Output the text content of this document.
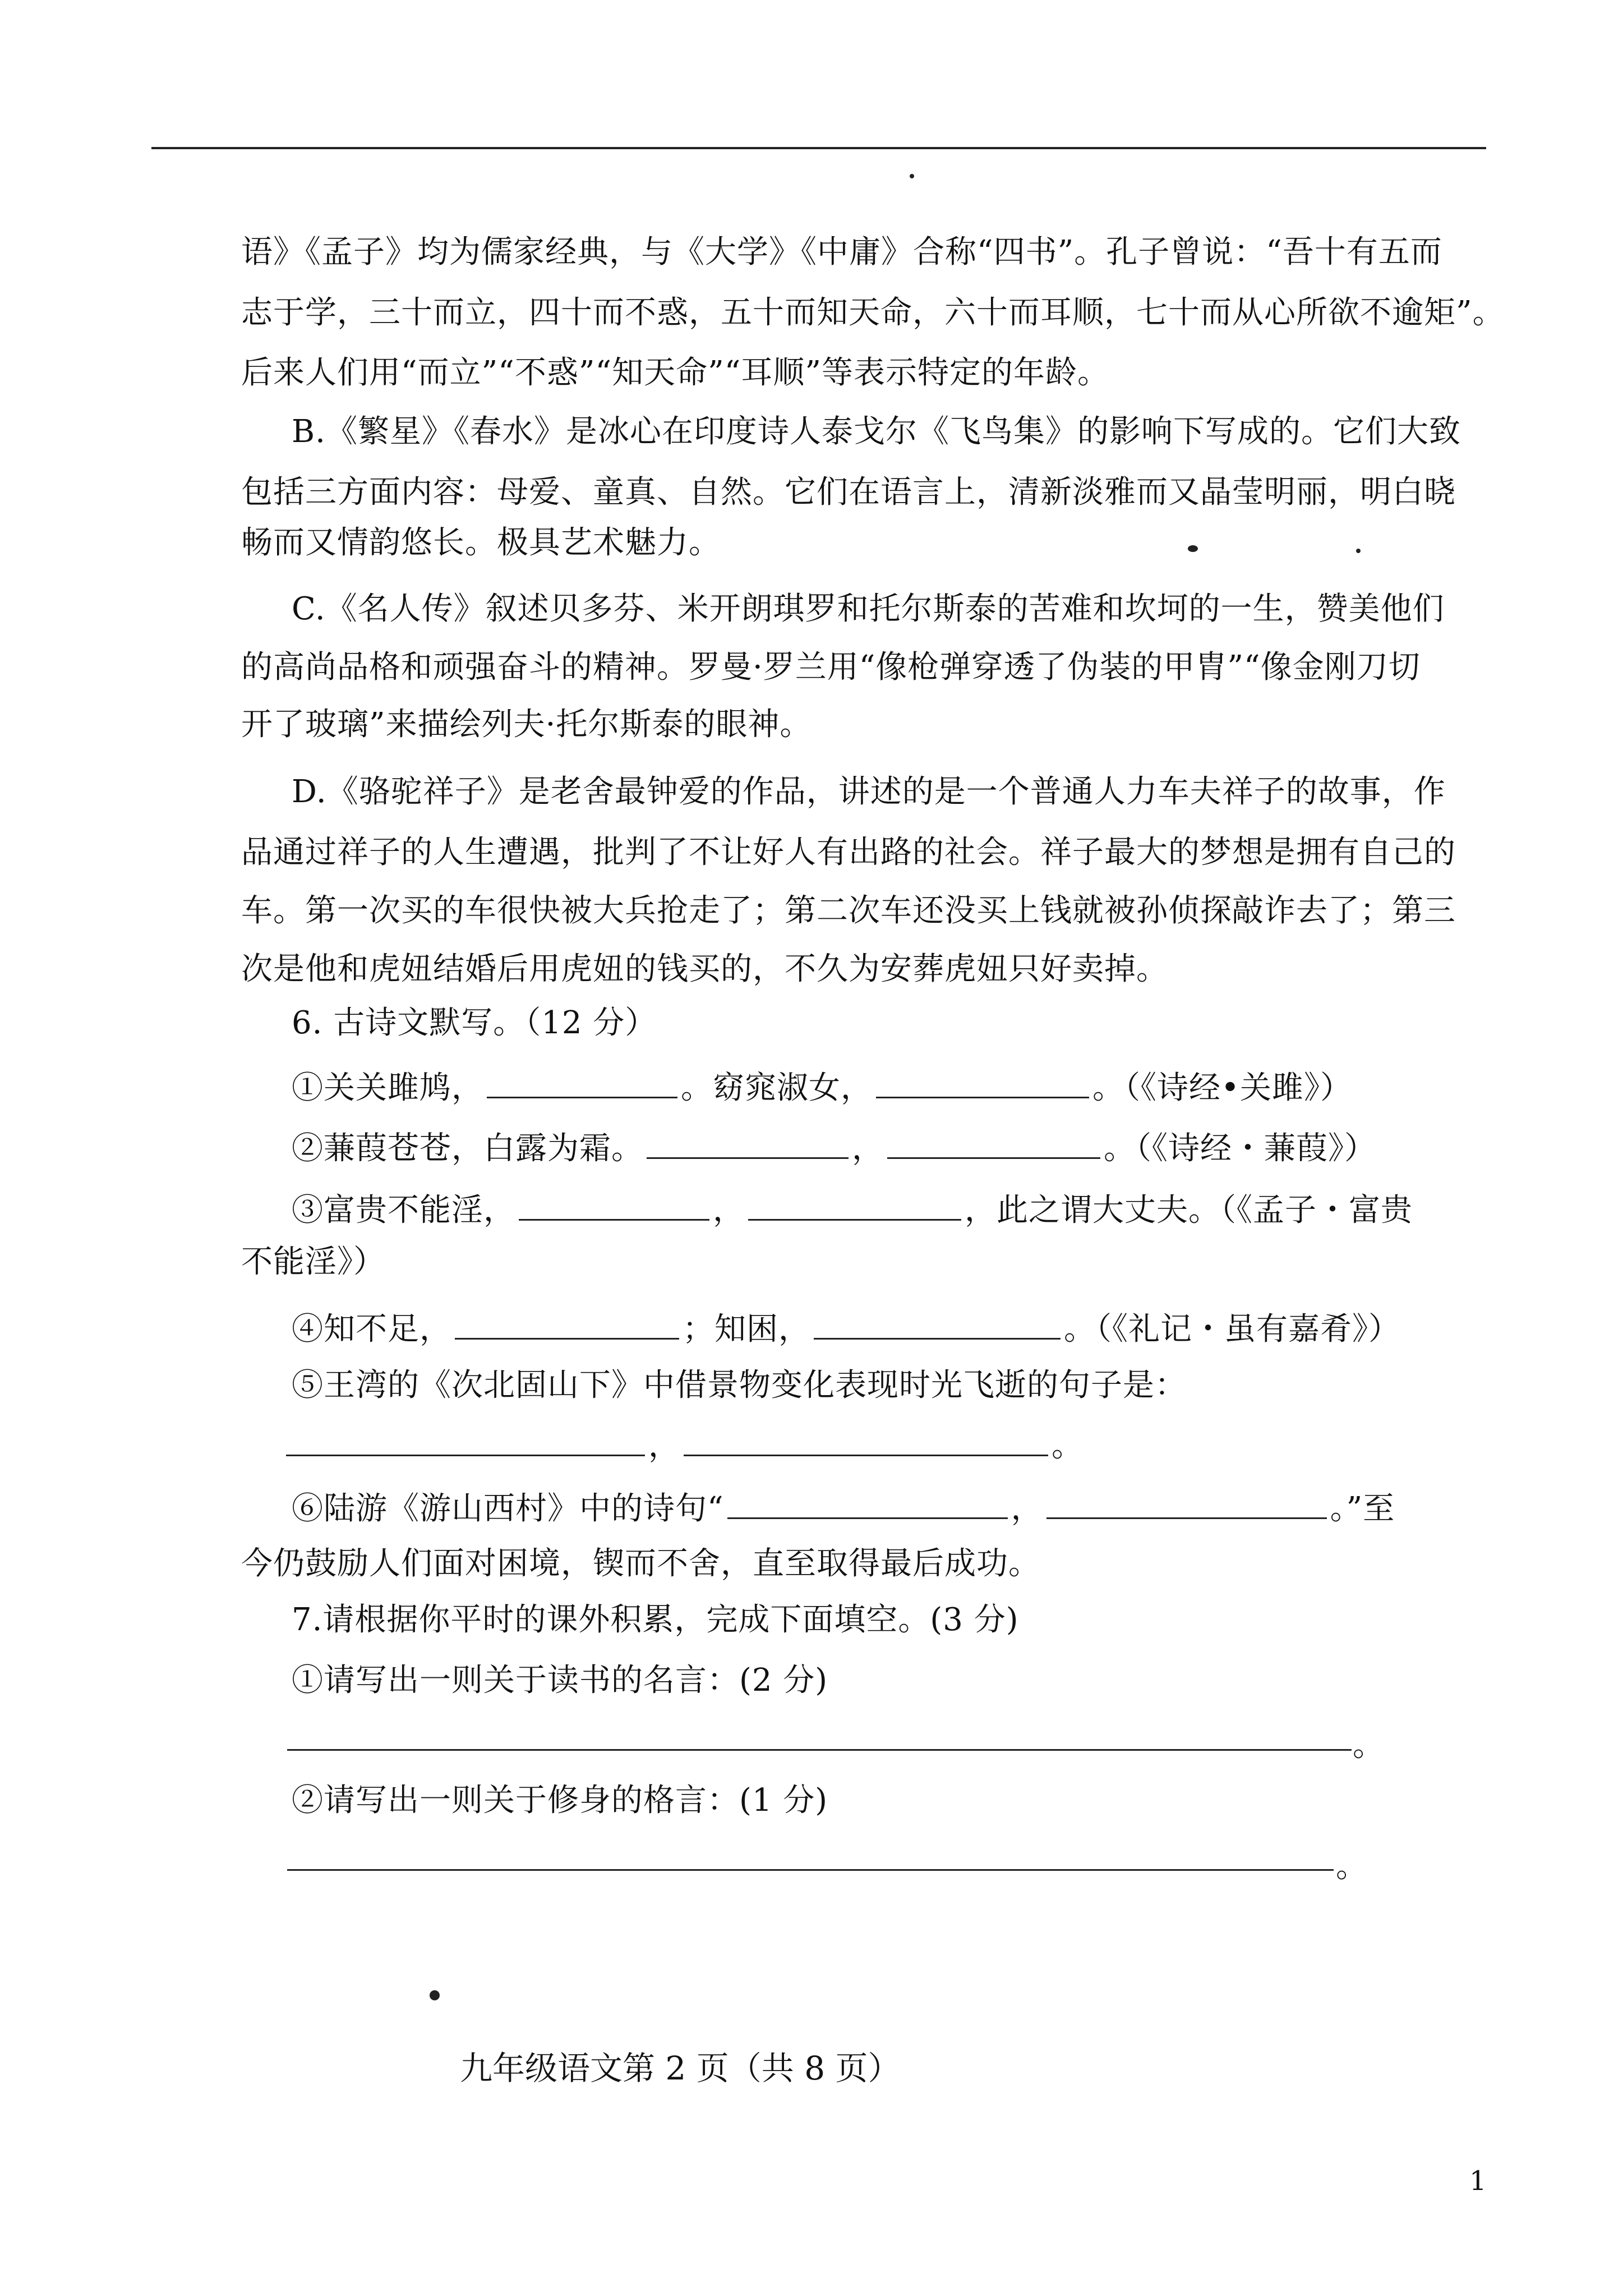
语》《孟子》均为儒家经典，与《大学》《中庸》合称“四书”。孔子曾说：“吾十有五而
志于学，三十而立，四十而不惑，五十而知天命，六十而耳顺，七十而从心所欲不逾矩”。
后来人们用“而立”“不惑”“知天命”“耳顺”等表示特定的年龄。
B.《繁星》《春水》是冰心在印度诗人泰戈尔《飞鸟集》的影响下写成的。它们大致
包括三方面内容：母爱、童真、自然。它们在语言上，清新淡雅而又晶莹明丽，明白晓
畅而又情韵悠长。极具艺术魅力。
C.《名人传》叙述贝多芬、米开朗琪罗和托尔斯泰的苦难和坎坷的一生，赞美他们
的高尚品格和顽强奋斗的精神。罗曼·罗兰用“像枪弹穿透了伪装的甲胄”“像金刚刀切
开了玻璃”来描绘列夫·托尔斯泰的眼神。
D.《骆驼祥子》是老舍最钟爱的作品，讲述的是一个普通人力车夫祥子的故事，作
品通过祥子的人生遭遇，批判了不让好人有出路的社会。祥子最大的梦想是拥有自己的
车。第一次买的车很快被大兵抢走了；第二次车还没买上钱就被孙侦探敲诈去了；第三
次是他和虎妞结婚后用虎妞的钱买的，不久为安葬虎妞只好卖掉。
6. 古诗文默写。（12 分）
①关关雎鸠，	。窈窕淑女，	。（《诗经•关雎》）
②蒹葭苍苍，白露为霜。	，	。（《诗经・蒹葭》）
③富贵不能淫，	，	，此之谓大丈夫。（《孟子・富贵
不能淫》）
④知不足，	；知困，	。（《礼记・虽有嘉肴》）
⑤王湾的《次北固山下》中借景物变化表现时光飞逝的句子是：
，	。
⑥陆游《游山西村》中的诗句“	，	。”至
今仍鼓励人们面对困境，锲而不舍，直至取得最后成功。
7.请根据你平时的课外积累，完成下面填空。(3 分)
①请写出一则关于读书的名言：(2 分)
。
②请写出一则关于修身的格言：(1 分)
。
九年级语文第 2 页（共 8 页）
1
